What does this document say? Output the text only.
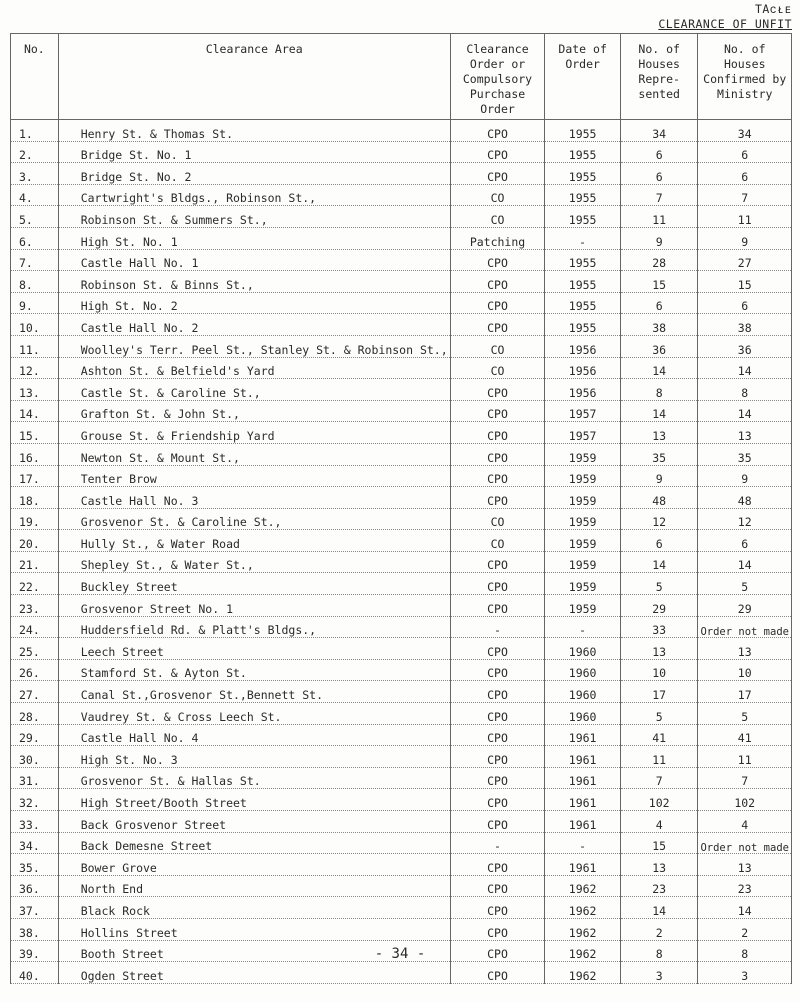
TAᴄᴌᴇ
CLEARANCE OF UNFIT
No.	Clearance Area	Clearance Order or Compulsory Purchase Order	Date of Order	No. of Houses Repre-sented	No. of Houses Confirmed by Ministry
1.	Henry St. & Thomas St.	CPO	1955	34	34
2.	Bridge St. No. 1	CPO	1955	6	6
3.	Bridge St. No. 2	CPO	1955	6	6
4.	Cartwright's Bldgs., Robinson St.,	CO	1955	7	7
5.	Robinson St. & Summers St.,	CO	1955	11	11
6.	High St. No. 1	Patching	-	9	9
7.	Castle Hall No. 1	CPO	1955	28	27
8.	Robinson St. & Binns St.,	CPO	1955	15	15
9.	High St. No. 2	CPO	1955	6	6
10.	Castle Hall No. 2	CPO	1955	38	38
11.	Woolley's Terr. Peel St., Stanley St. & Robinson St.,	CO	1956	36	36
12.	Ashton St. & Belfield's Yard	CO	1956	14	14
13.	Castle St. & Caroline St.,	CPO	1956	8	8
14.	Grafton St. & John St.,	CPO	1957	14	14
15.	Grouse St. & Friendship Yard	CPO	1957	13	13
16.	Newton St. & Mount St.,	CPO	1959	35	35
17.	Tenter Brow	CPO	1959	9	9
18.	Castle Hall No. 3	CPO	1959	48	48
19.	Grosvenor St. & Caroline St.,	CO	1959	12	12
20.	Hully St., & Water Road	CO	1959	6	6
21.	Shepley St., & Water St.,	CPO	1959	14	14
22.	Buckley Street	CPO	1959	5	5
23.	Grosvenor Street No. 1	CPO	1959	29	29
24.	Huddersfield Rd. & Platt's Bldgs.,	-	-	33	Order not made
25.	Leech Street	CPO	1960	13	13
26.	Stamford St. & Ayton St.	CPO	1960	10	10
27.	Canal St.,Grosvenor St.,Bennett St.	CPO	1960	17	17
28.	Vaudrey St. & Cross Leech St.	CPO	1960	5	5
29.	Castle Hall No. 4	CPO	1961	41	41
30.	High St. No. 3	CPO	1961	11	11
31.	Grosvenor St. & Hallas St.	CPO	1961	7	7
32.	High Street/Booth Street	CPO	1961	102	102
33.	Back Grosvenor Street	CPO	1961	4	4
34.	Back Demesne Street	-	-	15	Order not made
35.	Bower Grove	CPO	1961	13	13
36.	North End	CPO	1962	23	23
37.	Black Rock	CPO	1962	14	14
38.	Hollins Street	CPO	1962	2	2
39.	Booth Street	CPO	1962	8	8
40.	Ogden Street	CPO	1962	3	3
- 34 -
